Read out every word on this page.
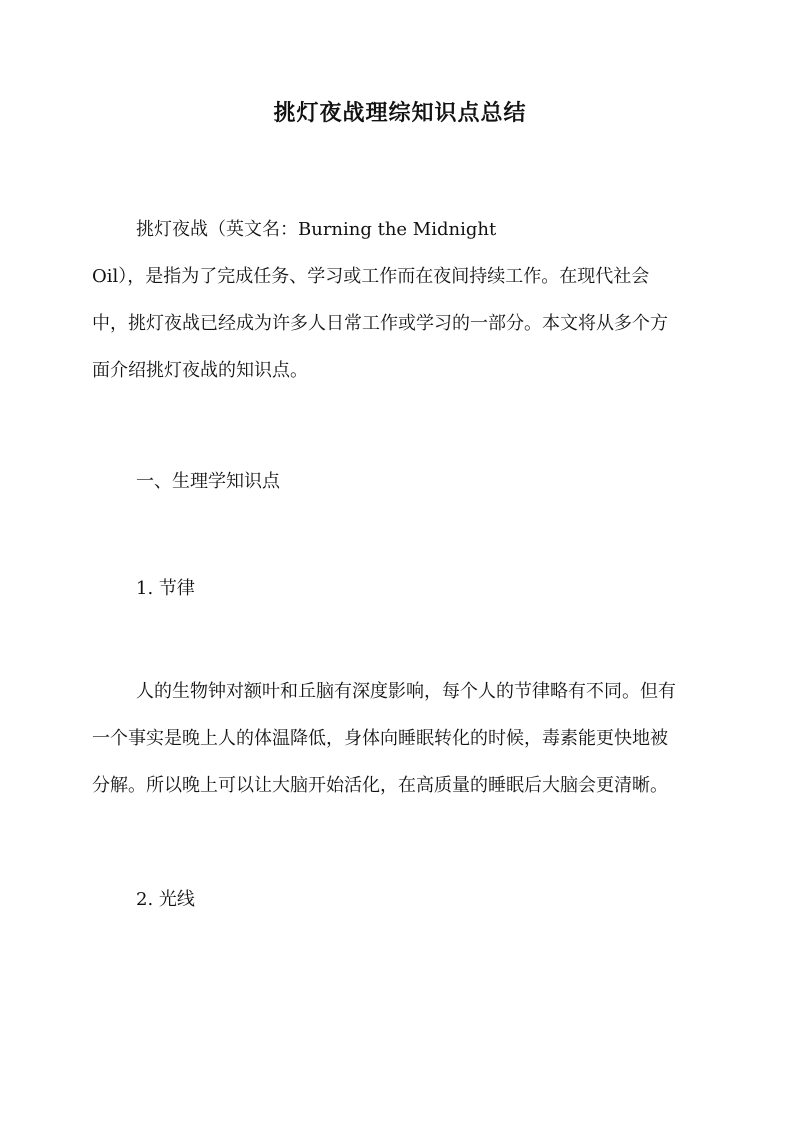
挑灯夜战理综知识点总结
挑灯夜战（英文名：Burning the Midnight
Oil），是指为了完成任务、学习或工作而在夜间持续工作。在现代社会
中，挑灯夜战已经成为许多人日常工作或学习的一部分。本文将从多个方
面介绍挑灯夜战的知识点。

一、生理学知识点

1. 节律

人的生物钟对额叶和丘脑有深度影响，每个人的节律略有不同。但有
一个事实是晚上人的体温降低，身体向睡眠转化的时候，毒素能更快地被
分解。所以晚上可以让大脑开始活化，在高质量的睡眠后大脑会更清晰。

2. 光线
